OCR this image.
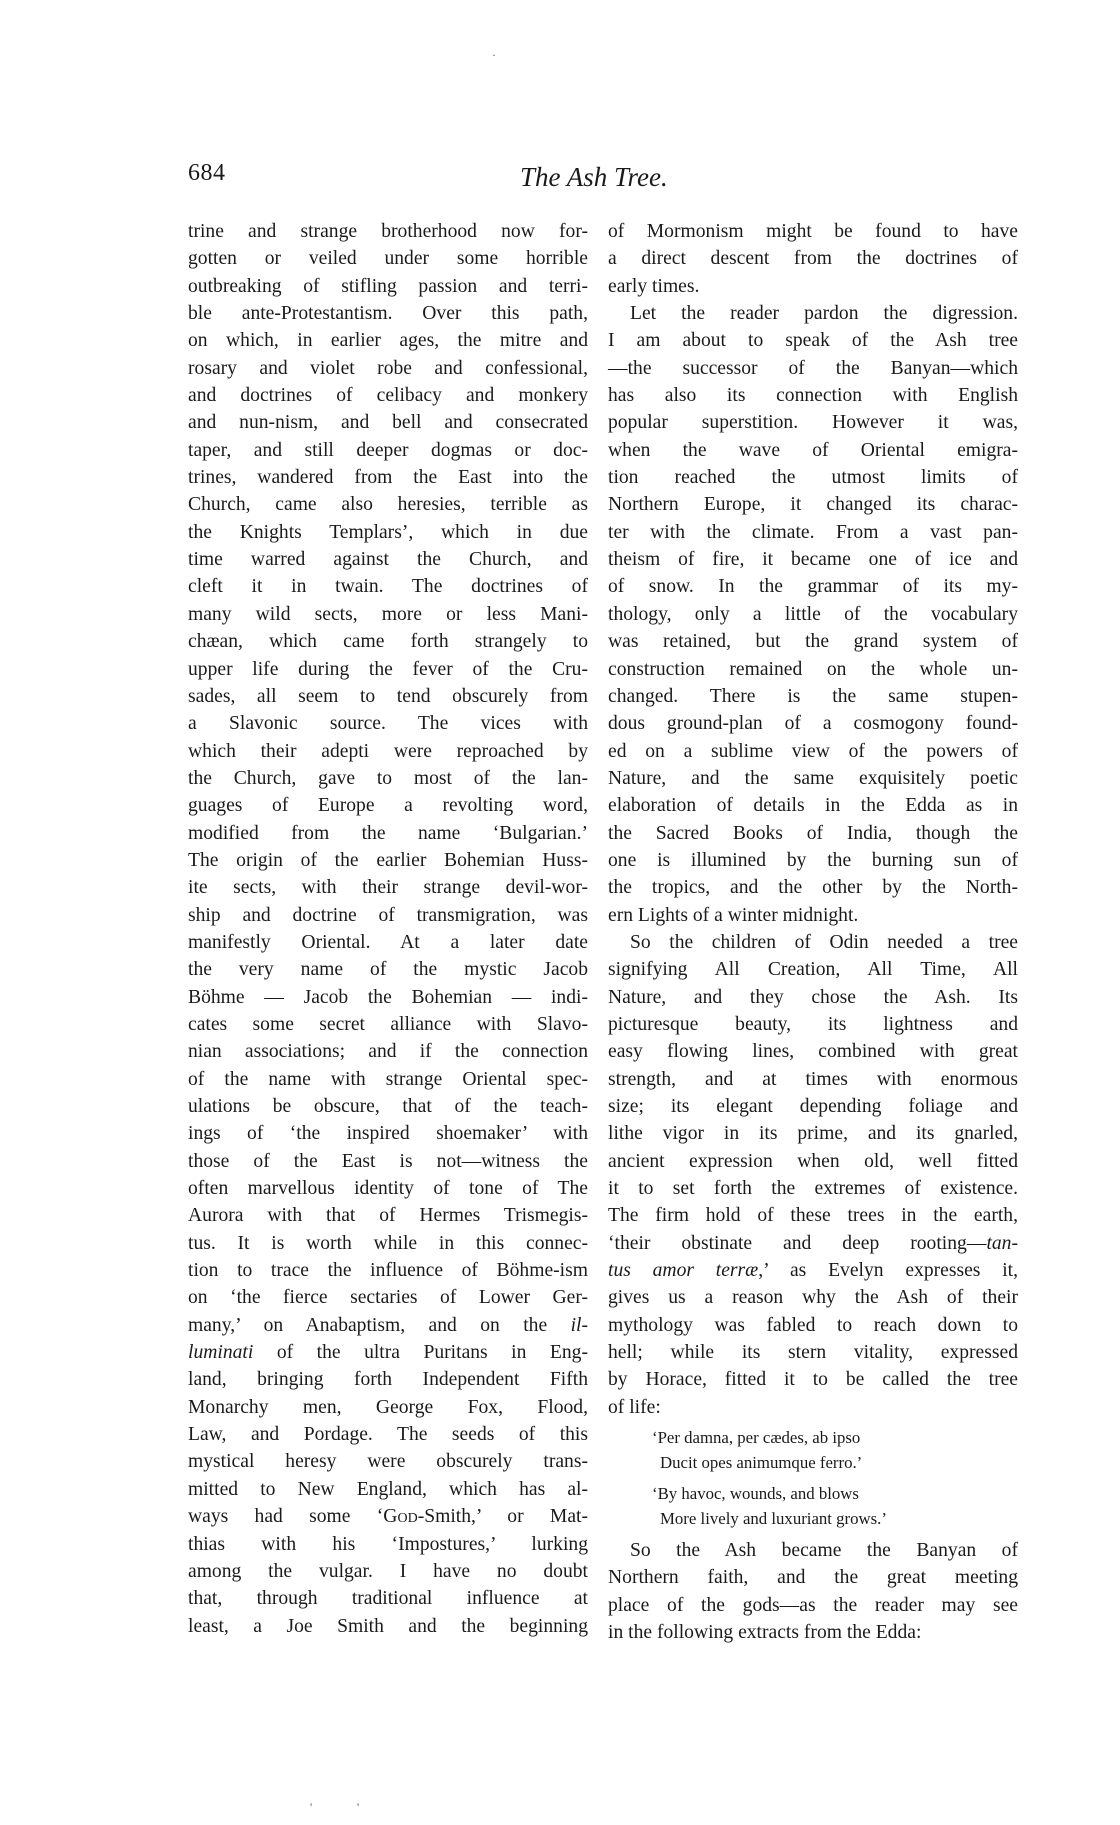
684	The Ash Tree.
trine and strange brotherhood now for-
gotten or veiled under some horrible
outbreaking of stifling passion and terri-
ble ante-Protestantism. Over this path,
on which, in earlier ages, the mitre and
rosary and violet robe and confessional,
and doctrines of celibacy and monkery
and nun-nism, and bell and consecrated
taper, and still deeper dogmas or doc-
trines, wandered from the East into the
Church, came also heresies, terrible as
the Knights Templars’, which in due
time warred against the Church, and
cleft it in twain. The doctrines of
many wild sects, more or less Mani-
chæan, which came forth strangely to
upper life during the fever of the Cru-
sades, all seem to tend obscurely from
a Slavonic source. The vices with
which their adepti were reproached by
the Church, gave to most of the lan-
guages of Europe a revolting word,
modified from the name ‘Bulgarian.’
The origin of the earlier Bohemian Huss-
ite sects, with their strange devil-wor-
ship and doctrine of transmigration, was
manifestly Oriental. At a later date
the very name of the mystic Jacob
Böhme — Jacob the Bohemian — indi-
cates some secret alliance with Slavo-
nian associations; and if the connection
of the name with strange Oriental spec-
ulations be obscure, that of the teach-
ings of ‘the inspired shoemaker’ with
those of the East is not—witness the
often marvellous identity of tone of The
Aurora with that of Hermes Trismegis-
tus. It is worth while in this connec-
tion to trace the influence of Böhme-ism
on ‘the fierce sectaries of Lower Ger-
many,’ on Anabaptism, and on the il-
luminati of the ultra Puritans in Eng-
land, bringing forth Independent Fifth
Monarchy men, George Fox, Flood,
Law, and Pordage. The seeds of this
mystical heresy were obscurely trans-
mitted to New England, which has al-
ways had some ‘God-Smith,’ or Mat-
thias with his ‘Impostures,’ lurking
among the vulgar. I have no doubt
that, through traditional influence at
least, a Joe Smith and the beginning
of Mormonism might be found to have
a direct descent from the doctrines of
early times.
Let the reader pardon the digression.
I am about to speak of the Ash tree
—the successor of the Banyan—which
has also its connection with English
popular superstition. However it was,
when the wave of Oriental emigra-
tion reached the utmost limits of
Northern Europe, it changed its charac-
ter with the climate. From a vast pan-
theism of fire, it became one of ice and
of snow. In the grammar of its my-
thology, only a little of the vocabulary
was retained, but the grand system of
construction remained on the whole un-
changed. There is the same stupen-
dous ground-plan of a cosmogony found-
ed on a sublime view of the powers of
Nature, and the same exquisitely poetic
elaboration of details in the Edda as in
the Sacred Books of India, though the
one is illumined by the burning sun of
the tropics, and the other by the North-
ern Lights of a winter midnight.
So the children of Odin needed a tree
signifying All Creation, All Time, All
Nature, and they chose the Ash. Its
picturesque beauty, its lightness and
easy flowing lines, combined with great
strength, and at times with enormous
size; its elegant depending foliage and
lithe vigor in its prime, and its gnarled,
ancient expression when old, well fitted
it to set forth the extremes of existence.
The firm hold of these trees in the earth,
‘their obstinate and deep rooting—tan-
tus amor terræ,’ as Evelyn expresses it,
gives us a reason why the Ash of their
mythology was fabled to reach down to
hell; while its stern vitality, expressed
by Horace, fitted it to be called the tree
of life:
‘Per damna, per cædes, ab ipso
Ducit opes animumque ferro.’
‘By havoc, wounds, and blows
More lively and luxuriant grows.’
So the Ash became the Banyan of
Northern faith, and the great meeting
place of the gods—as the reader may see
in the following extracts from the Edda:
·
'	'
